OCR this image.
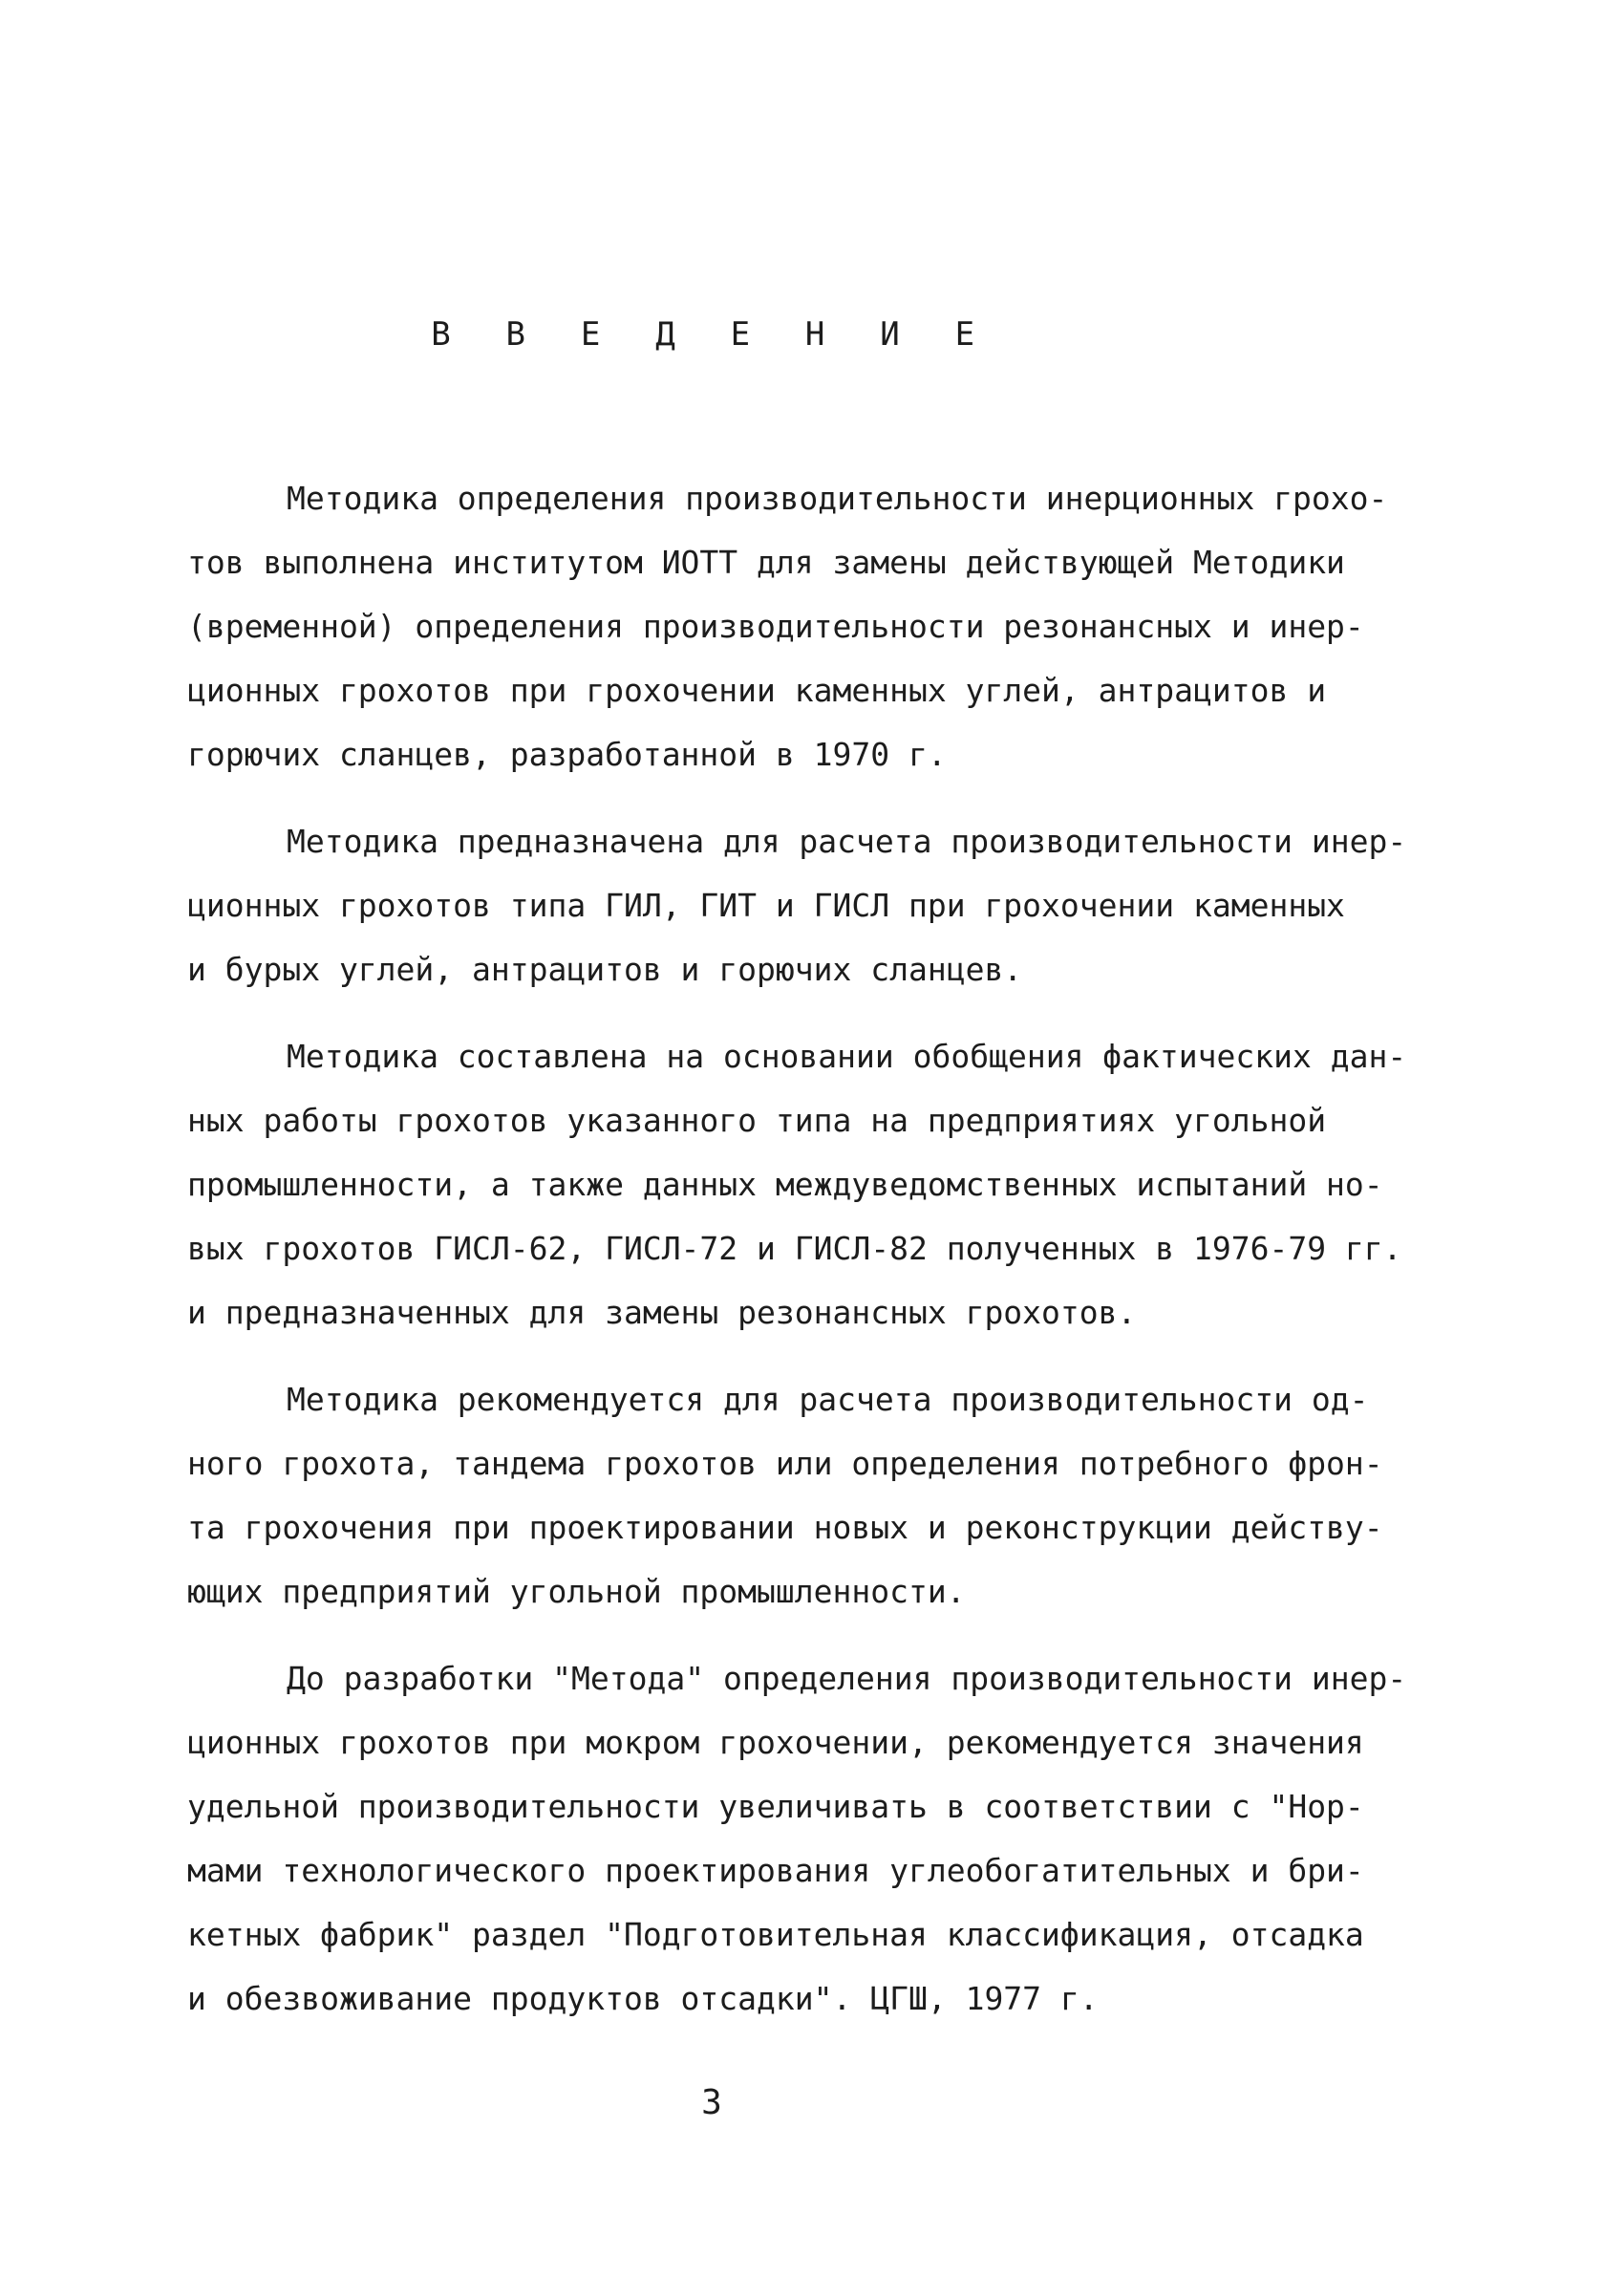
В В Е Д Е Н И Е
Методика определения производительности инерционных грохо-
тов выполнена институтом ИОТТ для замены действующей Методики
(временной) определения производительности резонансных и инер-
ционных грохотов при грохочении каменных углей, антрацитов и
горючих сланцев, разработанной в 1970 г.
Методика предназначена для расчета производительности инер-
ционных грохотов типа ГИЛ, ГИТ и ГИСЛ при грохочении каменных
и бурых углей, антрацитов и горючих сланцев.
Методика составлена на основании обобщения фактических дан-
ных работы грохотов указанного типа на предприятиях угольной
промышленности, а также данных междуведомственных испытаний но-
вых грохотов ГИСЛ-62, ГИСЛ-72 и ГИСЛ-82 полученных в 1976-79 гг.
и предназначенных для замены резонансных грохотов.
Методика рекомендуется для расчета производительности од-
ного грохота, тандема грохотов или определения потребного фрон-
та грохочения при проектировании новых и реконструкции действу-
ющих предприятий угольной промышленности.
До разработки "Метода" определения производительности инер-
ционных грохотов при мокром грохочении, рекомендуется значения
удельной производительности увеличивать в соответствии с "Нор-
мами технологического проектирования углеобогатительных и бри-
кетных фабрик" раздел "Подготовительная классификация, отсадка
и обезвоживание продуктов отсадки". ЦГШ, 1977 г.
3
